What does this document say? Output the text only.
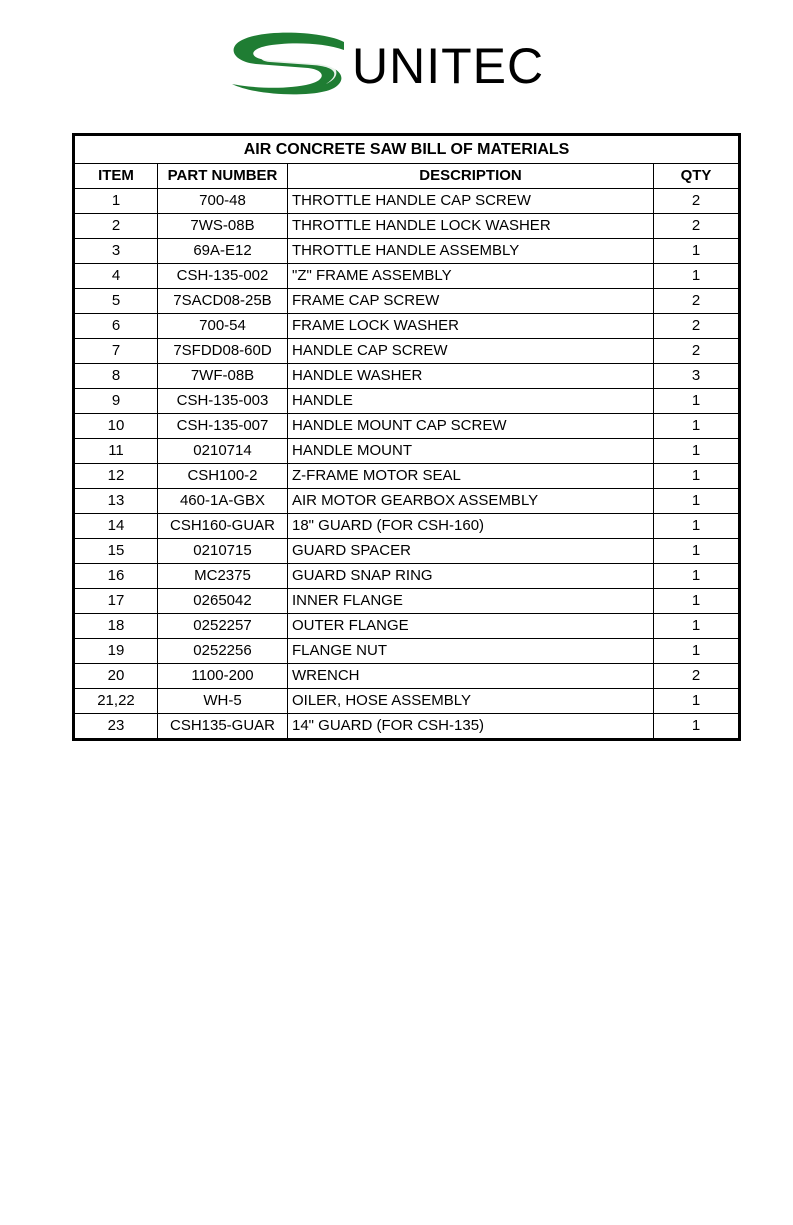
UNITEC
AIR CONCRETE SAW BILL OF MATERIALS			
ITEM	PART NUMBER	DESCRIPTION	QTY
1	700-48	THROTTLE HANDLE CAP SCREW	2
2	7WS-08B	THROTTLE HANDLE LOCK WASHER	2
3	69A-E12	THROTTLE HANDLE ASSEMBLY	1
4	CSH-135-002	"Z" FRAME ASSEMBLY	1
5	7SACD08-25B	FRAME CAP SCREW	2
6	700-54	FRAME LOCK WASHER	2
7	7SFDD08-60D	HANDLE CAP SCREW	2
8	7WF-08B	HANDLE WASHER	3
9	CSH-135-003	HANDLE	1
10	CSH-135-007	HANDLE MOUNT CAP SCREW	1
11	0210714	HANDLE MOUNT	1
12	CSH100-2	Z-FRAME MOTOR SEAL	1
13	460-1A-GBX	AIR MOTOR GEARBOX ASSEMBLY	1
14	CSH160-GUAR	18" GUARD (FOR CSH-160)	1
15	0210715	GUARD SPACER	1
16	MC2375	GUARD SNAP RING	1
17	0265042	INNER FLANGE	1
18	0252257	OUTER FLANGE	1
19	0252256	FLANGE NUT	1
20	1100-200	WRENCH	2
21,22	WH-5	OILER, HOSE ASSEMBLY	1
23	CSH135-GUAR	14" GUARD (FOR CSH-135)	1
